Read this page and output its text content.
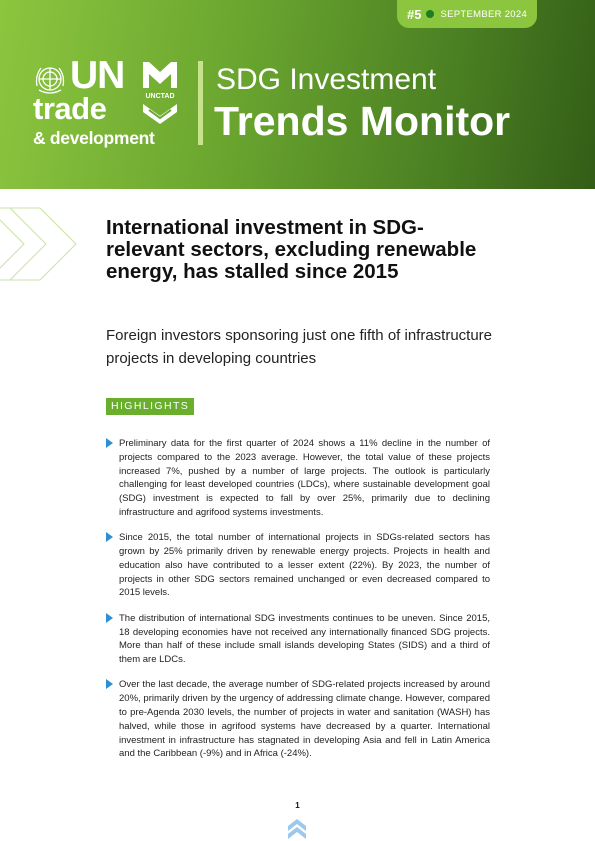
#5 SEPTEMBER 2024
UN
trade
& development
UNCTAD
SDG Investment
Trends Monitor
International investment in SDG-relevant sectors, excluding renewable energy, has stalled since 2015

Foreign investors sponsoring just one fifth of infrastructure projects in developing countries

HIGHLIGHTS

Preliminary data for the first quarter of 2024 shows a 11% decline in the number of projects compared to the 2023 average. However, the total value of these projects increased 7%, pushed by a number of large projects. The outlook is particularly challenging for least developed countries (LDCs), where sustainable development goal (SDG) investment is expected to fall by over 25%, primarily due to declining infrastructure and agrifood systems investments.

Since 2015, the total number of international projects in SDGs-related sectors has grown by 25% primarily driven by renewable energy projects. Projects in health and education also have contributed to a lesser extent (22%). By 2023, the number of projects in other SDG sectors remained unchanged or even decreased compared to 2015 levels.

The distribution of international SDG investments continues to be uneven. Since 2015, 18 developing economies have not received any internationally financed SDG projects. More than half of these include small islands developing States (SIDS) and a third of them are LDCs.

Over the last decade, the average number of SDG-related projects increased by around 20%, primarily driven by the urgency of addressing climate change. However, compared to pre-Agenda 2030 levels, the number of projects in water and sanitation (WASH) has halved, while those in agrifood systems have decreased by a quarter. International investment in infrastructure has stagnated in developing Asia and fell in Latin America and the Caribbean (-9%) and in Africa (-24%).

1
